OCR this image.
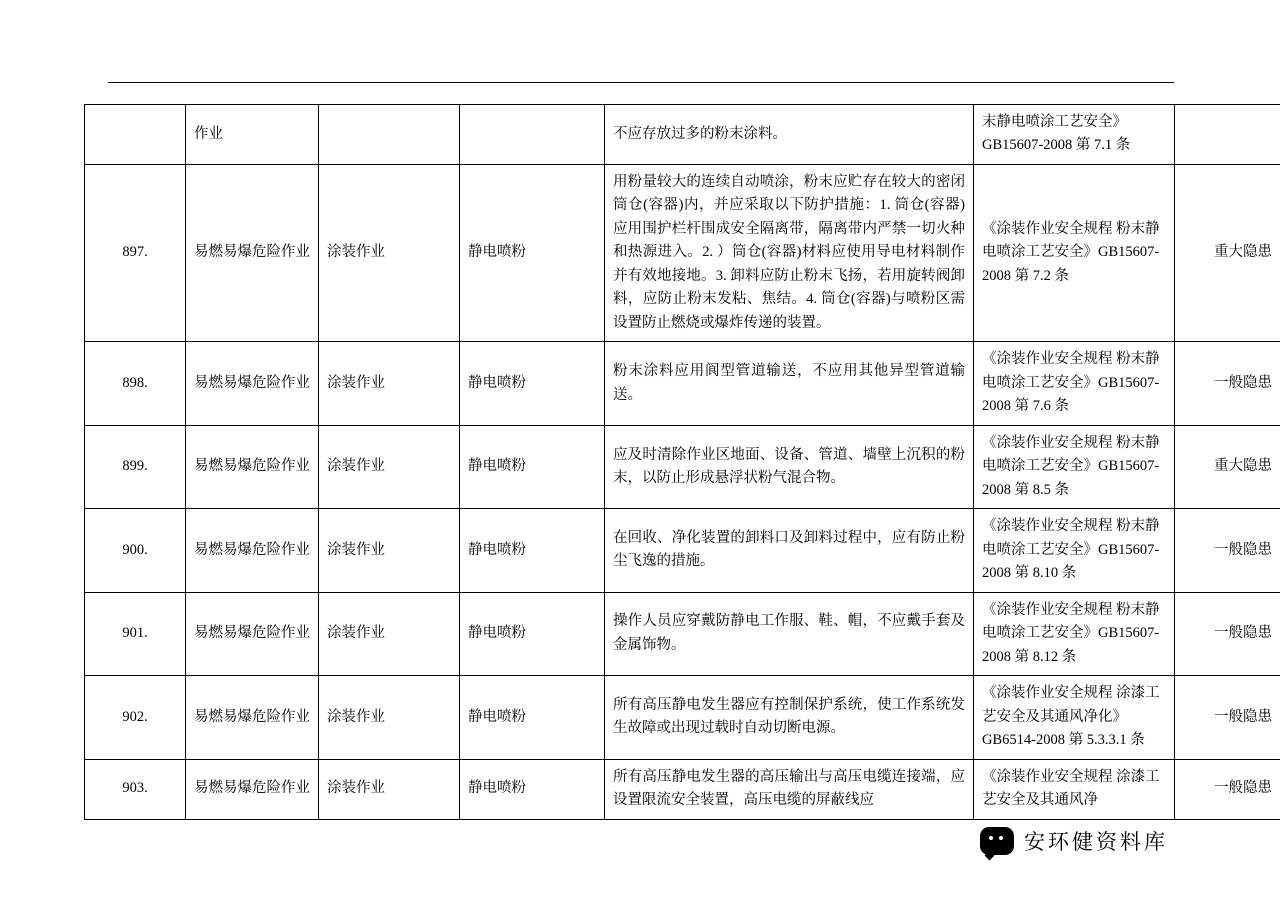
	作业			不应存放过多的粉末涂料。	末静电喷涂工艺安全》GB15607-2008 第 7.1 条	
897.	易燃易爆危险作业	涂装作业	静电喷粉	用粉量较大的连续自动喷涂，粉末应贮存在较大的密闭筒仓(容器)内，并应采取以下防护措施：1. 筒仓(容器)应用围护栏杆围成安全隔离带，隔离带内严禁一切火种和热源进入。2. ）筒仓(容器)材料应使用导电材料制作并有效地接地。3. 卸料应防止粉末飞扬，若用旋转阀卸料，应防止粉末发粘、焦结。4. 筒仓(容器)与喷粉区需设置防止燃烧或爆炸传递的装置。	《涂装作业安全规程 粉末静电喷涂工艺安全》GB15607-2008 第 7.2 条	重大隐患
898.	易燃易爆危险作业	涂装作业	静电喷粉	粉末涂料应用阆型管道输送，不应用其他异型管道输送。	《涂装作业安全规程 粉末静电喷涂工艺安全》GB15607-2008 第 7.6 条	一般隐患
899.	易燃易爆危险作业	涂装作业	静电喷粉	应及时清除作业区地面、设备、管道、墙壁上沉积的粉末，以防止形成悬浮状粉气混合物。	《涂装作业安全规程 粉末静电喷涂工艺安全》GB15607-2008 第 8.5 条	重大隐患
900.	易燃易爆危险作业	涂装作业	静电喷粉	在回收、净化装置的卸料口及卸料过程中，应有防止粉尘飞逸的措施。	《涂装作业安全规程 粉末静电喷涂工艺安全》GB15607-2008 第 8.10 条	一般隐患
901.	易燃易爆危险作业	涂装作业	静电喷粉	操作人员应穿戴防静电工作服、鞋、帽，不应戴手套及金属饰物。	《涂装作业安全规程 粉末静电喷涂工艺安全》GB15607-2008 第 8.12 条	一般隐患
902.	易燃易爆危险作业	涂装作业	静电喷粉	所有高压静电发生器应有控制保护系统，使工作系统发生故障或出现过载时自动切断电源。	《涂装作业安全规程 涂漆工艺安全及其通风净化》GB6514-2008 第 5.3.3.1 条	一般隐患
903.	易燃易爆危险作业	涂装作业	静电喷粉	所有高压静电发生器的高压输出与高压电缆连接端，应设置限流安全装置，高压电缆的屏蔽线应	《涂装作业安全规程 涂漆工艺安全及其通风净	一般隐患
安环健资料库
